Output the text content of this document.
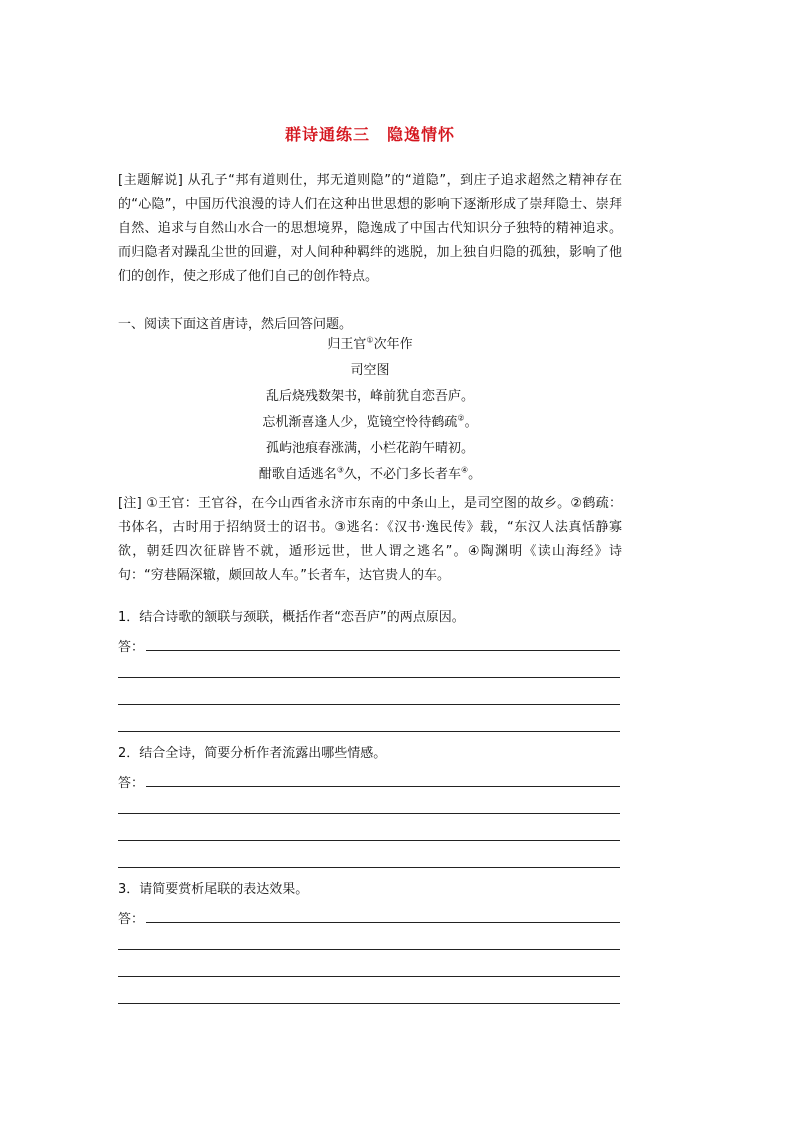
群诗通练三　隐逸情怀
[主题解说] 从孔子“邦有道则仕，邦无道则隐”的“道隐”，到庄子追求超然之精神存在的“心隐”，中国历代浪漫的诗人们在这种出世思想的影响下逐渐形成了崇拜隐士、崇拜自然、追求与自然山水合一的思想境界，隐逸成了中国古代知识分子独特的精神追求。而归隐者对躁乱尘世的回避，对人间种种羁绊的逃脱，加上独自归隐的孤独，影响了他们的创作，使之形成了他们自己的创作特点。
一、阅读下面这首唐诗，然后回答问题。
归王官①次年作
司空图
乱后烧残数架书，峰前犹自恋吾庐。
忘机渐喜逢人少，览镜空怜待鹤疏②。
孤屿池痕春涨满，小栏花韵午晴初。
酣歌自适逃名③久，不必门多长者车④。
[注] ①王官：王官谷，在今山西省永济市东南的中条山上，是司空图的故乡。②鹤疏：书体名，古时用于招纳贤士的诏书。③逃名：《汉书·逸民传》载，“东汉人法真恬静寡欲，朝廷四次征辟皆不就，遁形远世，世人谓之逃名”。④陶渊明《读山海经》诗句：“穷巷隔深辙，颇回故人车。”长者车，达官贵人的车。
1．结合诗歌的颔联与颈联，概括作者“恋吾庐”的两点原因。
答：
2．结合全诗，简要分析作者流露出哪些情感。
答：
3．请简要赏析尾联的表达效果。
答：
